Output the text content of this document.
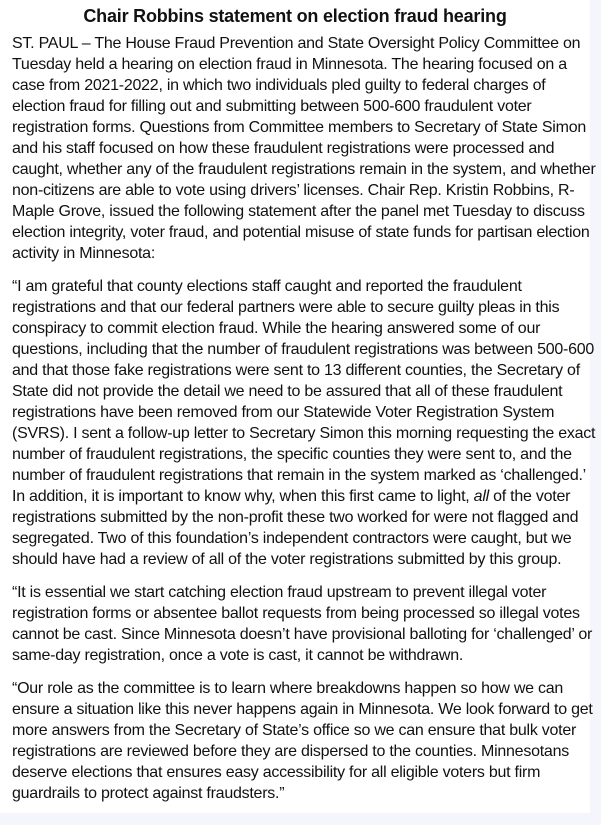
Chair Robbins statement on election fraud hearing

ST. PAUL – The House Fraud Prevention and State Oversight Policy Committee on
Tuesday held a hearing on election fraud in Minnesota. The hearing focused on a
case from 2021-2022, in which two individuals pled guilty to federal charges of
election fraud for filling out and submitting between 500-600 fraudulent voter
registration forms. Questions from Committee members to Secretary of State Simon
and his staff focused on how these fraudulent registrations were processed and
caught, whether any of the fraudulent registrations remain in the system, and whether
non-citizens are able to vote using drivers’ licenses. Chair Rep. Kristin Robbins, R-
Maple Grove, issued the following statement after the panel met Tuesday to discuss
election integrity, voter fraud, and potential misuse of state funds for partisan election
activity in Minnesota:

“I am grateful that county elections staff caught and reported the fraudulent
registrations and that our federal partners were able to secure guilty pleas in this
conspiracy to commit election fraud. While the hearing answered some of our
questions, including that the number of fraudulent registrations was between 500-600
and that those fake registrations were sent to 13 different counties, the Secretary of
State did not provide the detail we need to be assured that all of these fraudulent
registrations have been removed from our Statewide Voter Registration System
(SVRS). I sent a follow-up letter to Secretary Simon this morning requesting the exact
number of fraudulent registrations, the specific counties they were sent to, and the
number of fraudulent registrations that remain in the system marked as ‘challenged.’
In addition, it is important to know why, when this first came to light, all of the voter
registrations submitted by the non-profit these two worked for were not flagged and
segregated. Two of this foundation’s independent contractors were caught, but we
should have had a review of all of the voter registrations submitted by this group.

“It is essential we start catching election fraud upstream to prevent illegal voter
registration forms or absentee ballot requests from being processed so illegal votes
cannot be cast. Since Minnesota doesn’t have provisional balloting for ‘challenged’ or
same-day registration, once a vote is cast, it cannot be withdrawn.

“Our role as the committee is to learn where breakdowns happen so how we can
ensure a situation like this never happens again in Minnesota. We look forward to get
more answers from the Secretary of State’s office so we can ensure that bulk voter
registrations are reviewed before they are dispersed to the counties. Minnesotans
deserve elections that ensures easy accessibility for all eligible voters but firm
guardrails to protect against fraudsters.”
